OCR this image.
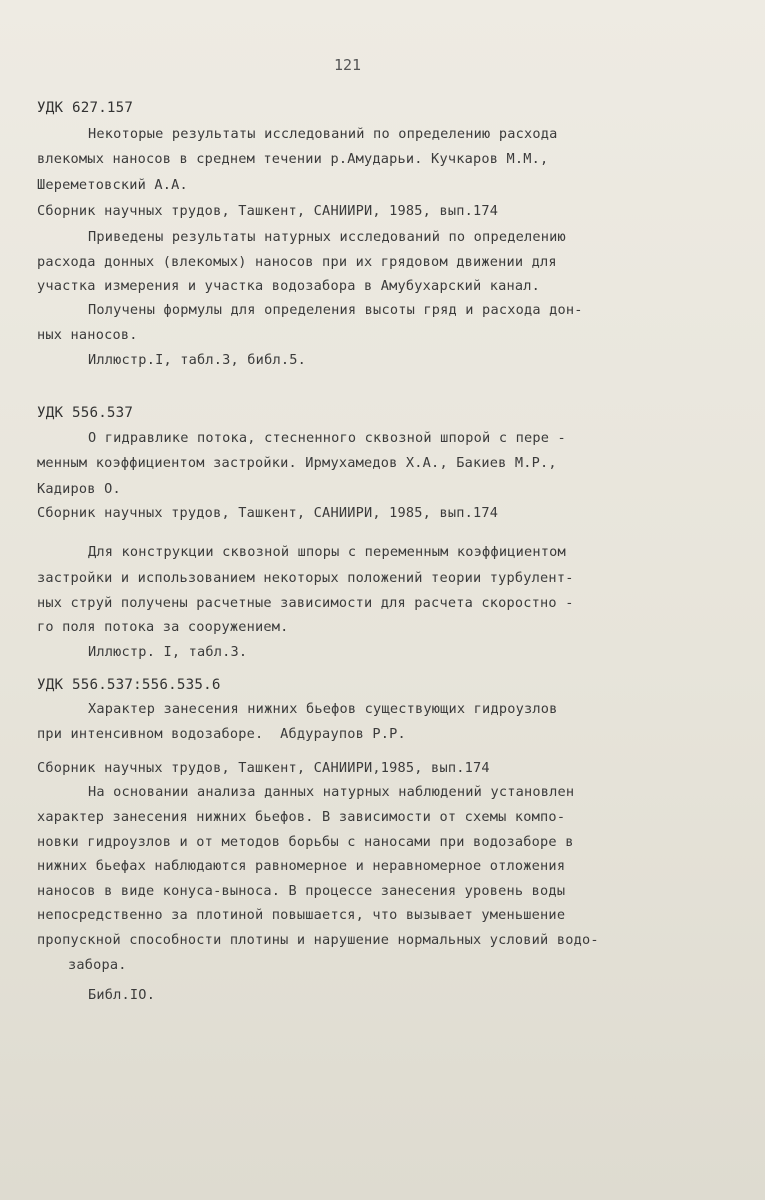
121
УДК 627.157
Некоторые результаты исследований по определению расхода
влекомых наносов в среднем течении р.Амударьи. Кучкаров М.М.,
Шереметовский А.А.
Сборник научных трудов, Ташкент, САНИИРИ, 1985, вып.174
Приведены результаты натурных исследований по определению
расхода донных (влекомых) наносов при их грядовом движении для
участка измерения и участка водозабора в Амубухарский канал.
Получены формулы для определения высоты гряд и расхода дон-
ных наносов.
Иллюстр.I, табл.3, библ.5.
УДК 556.537
О гидравлике потока, стесненного сквозной шпорой с пере -
менным коэффициентом застройки. Ирмухамедов Х.А., Бакиев М.Р.,
Кадиров О.
Сборник научных трудов, Ташкент, САНИИРИ, 1985, вып.174
Для конструкции сквозной шпоры с переменным коэффициентом
застройки и использованием некоторых положений теории турбулент-
ных струй получены расчетные зависимости для расчета скоростно -
го поля потока за сооружением.
Иллюстр. I, табл.3.
УДК 556.537:556.535.6
Характер занесения нижних бьефов существующих гидроузлов
при интенсивном водозаборе.  Абдураупов Р.Р.
Сборник научных трудов, Ташкент, САНИИРИ,1985, вып.174
На основании анализа данных натурных наблюдений установлен
характер занесения нижних бьефов. В зависимости от схемы компо-
новки гидроузлов и от методов борьбы с наносами при водозаборе в
нижних бьефах наблюдаются равномерное и неравномерное отложения
наносов в виде конуса-выноса. В процессе занесения уровень воды
непосредственно за плотиной повышается, что вызывает уменьшение
пропускной способности плотины и нарушение нормальных условий водо-
забора.
Библ.IO.
